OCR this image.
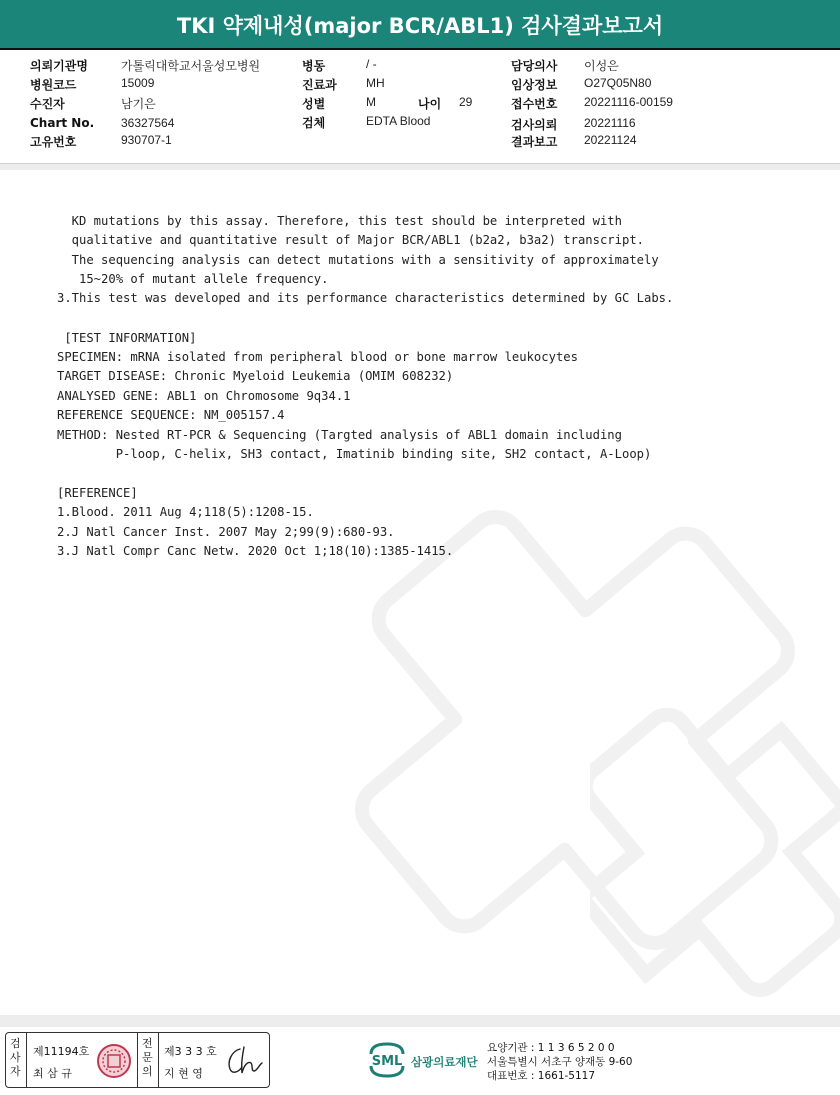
TKI 약제내성(major BCR/ABL1) 검사결과보고서
의뢰기관명	가톨릭대학교서울성모병원
병원코드	15009
수진자	남기은
Chart No. 36327564
고유번호	930707-1
병동	/ -
진료과 MH
성별	M	나이 29
검체	EDTA Blood
담당의사 이성은
임상정보 O27Q05N80
접수번호 20221116-00159
검사의뢰 20221116
결과보고 20221124
KD mutations by this assay. Therefore, this test should be interpreted with
qualitative and quantitative result of Major BCR/ABL1 (b2a2, b3a2) transcript.
The sequencing analysis can detect mutations with a sensitivity of approximately
15~20% of mutant allele frequency.
3.This test was developed and its performance characteristics determined by GC Labs.
[TEST INFORMATION]
SPECIMEN: mRNA isolated from peripheral blood or bone marrow leukocytes
TARGET DISEASE: Chronic Myeloid Leukemia (OMIM 608232)
ANALYSED GENE: ABL1 on Chromosome 9q34.1
REFERENCE SEQUENCE: NM_005157.4
METHOD: Nested RT-PCR & Sequencing (Targted analysis of ABL1 domain including
P-loop, C-helix, SH3 contact, Imatinib binding site, SH2 contact, A-Loop)
[REFERENCE]
1.Blood. 2011 Aug 4;118(5):1208-15.
2.J Natl Cancer Inst. 2007 May 2;99(9):680-93.
3.J Natl Compr Canc Netw. 2020 Oct 1;18(10):1385-1415.
검
사
자
제11194호
최 삼 규
전
문
의
제3 3 3 호
지 현 영
SML 삼광의료재단
요양기관 : 1 1 3 6 5 2 0 0
서울특별시 서초구 양재동 9-60
대표번호 : 1661-5117
